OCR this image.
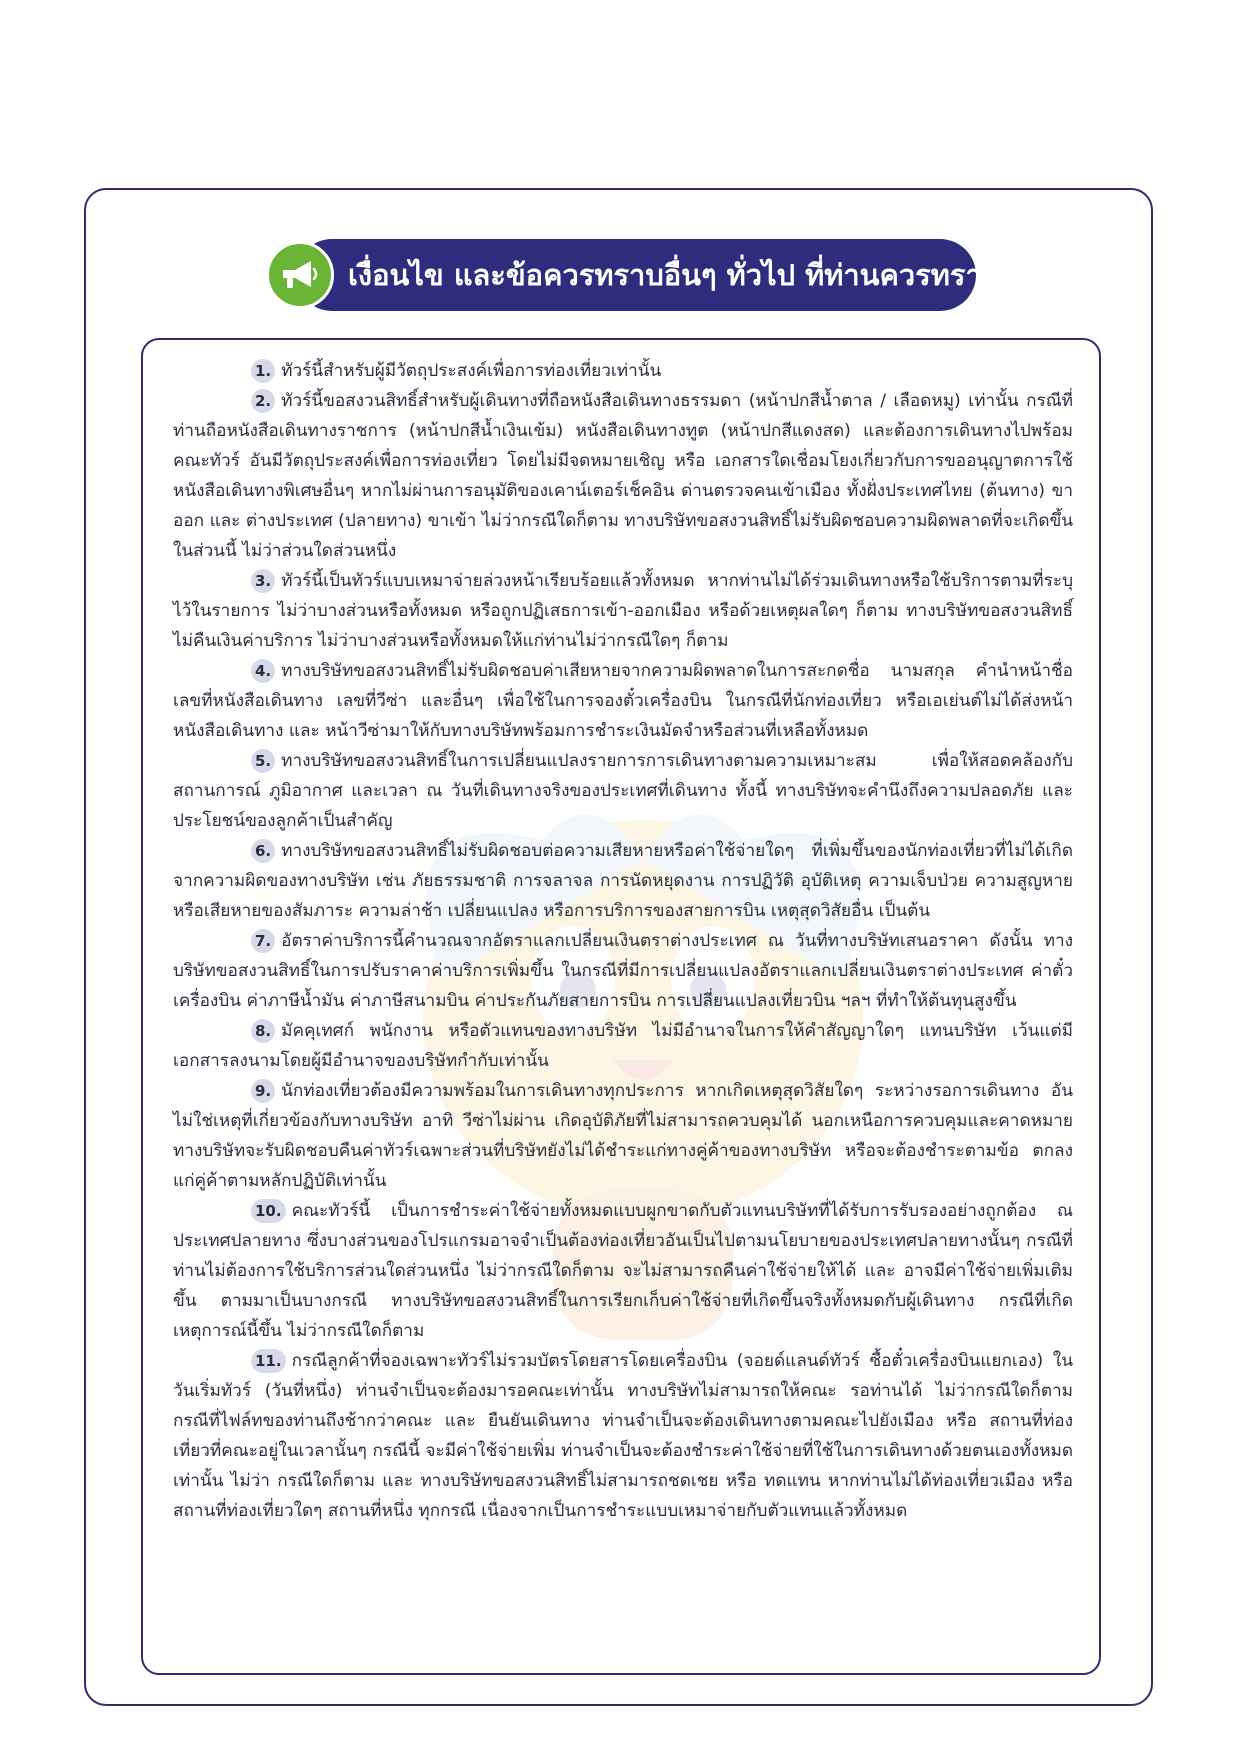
เงื่อนไข และข้อควรทราบอื่นๆ ทั่วไป ที่ท่านควรทราบ

1. ทัวร์นี้สำหรับผู้มีวัตถุประสงค์เพื่อการท่องเที่ยวเท่านั้น

2. ทัวร์นี้ขอสงวนสิทธิ์สำหรับผู้เดินทางที่ถือหนังสือเดินทางธรรมดา (หน้าปกสีน้ำตาล / เลือดหมู) เท่านั้น กรณีที่ท่านถือหนังสือเดินทางราชการ (หน้าปกสีน้ำเงินเข้ม) หนังสือเดินทางทูต (หน้าปกสีแดงสด) และต้องการเดินทางไปพร้อมคณะทัวร์ อันมีวัตถุประสงค์เพื่อการท่องเที่ยว โดยไม่มีจดหมายเชิญ หรือ เอกสารใดเชื่อมโยงเกี่ยวกับการขออนุญาตการใช้หนังสือเดินทางพิเศษอื่นๆ หากไม่ผ่านการอนุมัติของเคาน์เตอร์เช็คอิน ด่านตรวจคนเข้าเมือง ทั้งฝั่งประเทศไทย (ต้นทาง) ขาออก และ ต่างประเทศ (ปลายทาง) ขาเข้า ไม่ว่ากรณีใดก็ตาม ทางบริษัทขอสงวนสิทธิ์ไม่รับผิดชอบความผิดพลาดที่จะเกิดขึ้นในส่วนนี้ ไม่ว่าส่วนใดส่วนหนึ่ง

3. ทัวร์นี้เป็นทัวร์แบบเหมาจ่ายล่วงหน้าเรียบร้อยแล้วทั้งหมด หากท่านไม่ได้ร่วมเดินทางหรือใช้บริการตามที่ระบุไว้ในรายการ ไม่ว่าบางส่วนหรือทั้งหมด หรือถูกปฏิเสธการเข้า-ออกเมือง หรือด้วยเหตุผลใดๆ ก็ตาม ทางบริษัทขอสงวนสิทธิ์ไม่คืนเงินค่าบริการ ไม่ว่าบางส่วนหรือทั้งหมดให้แก่ท่านไม่ว่ากรณีใดๆ ก็ตาม

4. ทางบริษัทขอสงวนสิทธิ์ไม่รับผิดชอบค่าเสียหายจากความผิดพลาดในการสะกดชื่อ นามสกุล คำนำหน้าชื่อ เลขที่หนังสือเดินทาง เลขที่วีซ่า และอื่นๆ เพื่อใช้ในการจองตั๋วเครื่องบิน ในกรณีที่นักท่องเที่ยว หรือเอเย่นต์ไม่ได้ส่งหน้าหนังสือเดินทาง และ หน้าวีซ่ามาให้กับทางบริษัทพร้อมการชำระเงินมัดจำหรือส่วนที่เหลือทั้งหมด

5. ทางบริษัทขอสงวนสิทธิ์ในการเปลี่ยนแปลงรายการการเดินทางตามความเหมาะสม เพื่อให้สอดคล้องกับ สถานการณ์ ภูมิอากาศ และเวลา ณ วันที่เดินทางจริงของประเทศที่เดินทาง ทั้งนี้ ทางบริษัทจะคำนึงถึงความปลอดภัย และ ประโยชน์ของลูกค้าเป็นสำคัญ

6. ทางบริษัทขอสงวนสิทธิ์ไม่รับผิดชอบต่อความเสียหายหรือค่าใช้จ่ายใดๆ ที่เพิ่มขึ้นของนักท่องเที่ยวที่ไม่ได้เกิดจากความผิดของทางบริษัท เช่น ภัยธรรมชาติ การจลาจล การนัดหยุดงาน การปฏิวัติ อุบัติเหตุ ความเจ็บป่วย ความสูญหายหรือเสียหายของสัมภาระ ความล่าช้า เปลี่ยนแปลง หรือการบริการของสายการบิน เหตุสุดวิสัยอื่น เป็นต้น

7. อัตราค่าบริการนี้คำนวณจากอัตราแลกเปลี่ยนเงินตราต่างประเทศ ณ วันที่ทางบริษัทเสนอราคา ดังนั้น ทางบริษัทขอสงวนสิทธิ์ในการปรับราคาค่าบริการเพิ่มขึ้น ในกรณีที่มีการเปลี่ยนแปลงอัตราแลกเปลี่ยนเงินตราต่างประเทศ ค่าตั๋ว เครื่องบิน ค่าภาษีน้ำมัน ค่าภาษีสนามบิน ค่าประกันภัยสายการบิน การเปลี่ยนแปลงเที่ยวบิน ฯลฯ ที่ทำให้ต้นทุนสูงขึ้น

8. มัคคุเทศก์ พนักงาน หรือตัวแทนของทางบริษัท ไม่มีอำนาจในการให้คำสัญญาใดๆ แทนบริษัท เว้นแต่มีเอกสารลงนามโดยผู้มีอำนาจของบริษัทกำกับเท่านั้น

9. นักท่องเที่ยวต้องมีความพร้อมในการเดินทางทุกประการ หากเกิดเหตุสุดวิสัยใดๆ ระหว่างรอการเดินทาง อันไม่ใช่เหตุที่เกี่ยวข้องกับทางบริษัท อาทิ วีซ่าไม่ผ่าน เกิดอุบัติภัยที่ไม่สามารถควบคุมได้ นอกเหนือการควบคุมและคาดหมาย ทางบริษัทจะรับผิดชอบคืนค่าทัวร์เฉพาะส่วนที่บริษัทยังไม่ได้ชำระแก่ทางคู่ค้าของทางบริษัท หรือจะต้องชำระตามข้อ ตกลงแก่คู่ค้าตามหลักปฏิบัติเท่านั้น

10. คณะทัวร์นี้ เป็นการชำระค่าใช้จ่ายทั้งหมดแบบผูกขาดกับตัวแทนบริษัทที่ได้รับการรับรองอย่างถูกต้อง ณ ประเทศปลายทาง ซึ่งบางส่วนของโปรแกรมอาจจำเป็นต้องท่องเที่ยวอันเป็นไปตามนโยบายของประเทศปลายทางนั้นๆ กรณีที่ท่านไม่ต้องการใช้บริการส่วนใดส่วนหนึ่ง ไม่ว่ากรณีใดก็ตาม จะไม่สามารถคืนค่าใช้จ่ายให้ได้ และ อาจมีค่าใช้จ่ายเพิ่มเติมขึ้น ตามมาเป็นบางกรณี ทางบริษัทขอสงวนสิทธิ์ในการเรียกเก็บค่าใช้จ่ายที่เกิดขึ้นจริงทั้งหมดกับผู้เดินทาง กรณีที่เกิดเหตุการณ์นี้ขึ้น ไม่ว่ากรณีใดก็ตาม

11. กรณีลูกค้าที่จองเฉพาะทัวร์ไม่รวมบัตรโดยสารโดยเครื่องบิน (จอยด์แลนด์ทัวร์ ซื้อตั๋วเครื่องบินแยกเอง) ในวันเริ่มทัวร์ (วันที่หนึ่ง) ท่านจำเป็นจะต้องมารอคณะเท่านั้น ทางบริษัทไม่สามารถให้คณะ รอท่านได้ ไม่ว่ากรณีใดก็ตาม กรณีที่ไฟล์ทของท่านถึงช้ากว่าคณะ และ ยืนยันเดินทาง ท่านจำเป็นจะต้องเดินทางตามคณะไปยังเมือง หรือ สถานที่ท่องเที่ยวที่คณะอยู่ในเวลานั้นๆ กรณีนี้ จะมีค่าใช้จ่ายเพิ่ม ท่านจำเป็นจะต้องชำระค่าใช้จ่ายที่ใช้ในการเดินทางด้วยตนเองทั้งหมดเท่านั้น ไม่ว่า กรณีใดก็ตาม และ ทางบริษัทขอสงวนสิทธิ์ไม่สามารถชดเชย หรือ ทดแทน หากท่านไม่ได้ท่องเที่ยวเมือง หรือ สถานที่ท่องเที่ยวใดๆ สถานที่หนึ่ง ทุกกรณี เนื่องจากเป็นการชำระแบบเหมาจ่ายกับตัวแทนแล้วทั้งหมด
